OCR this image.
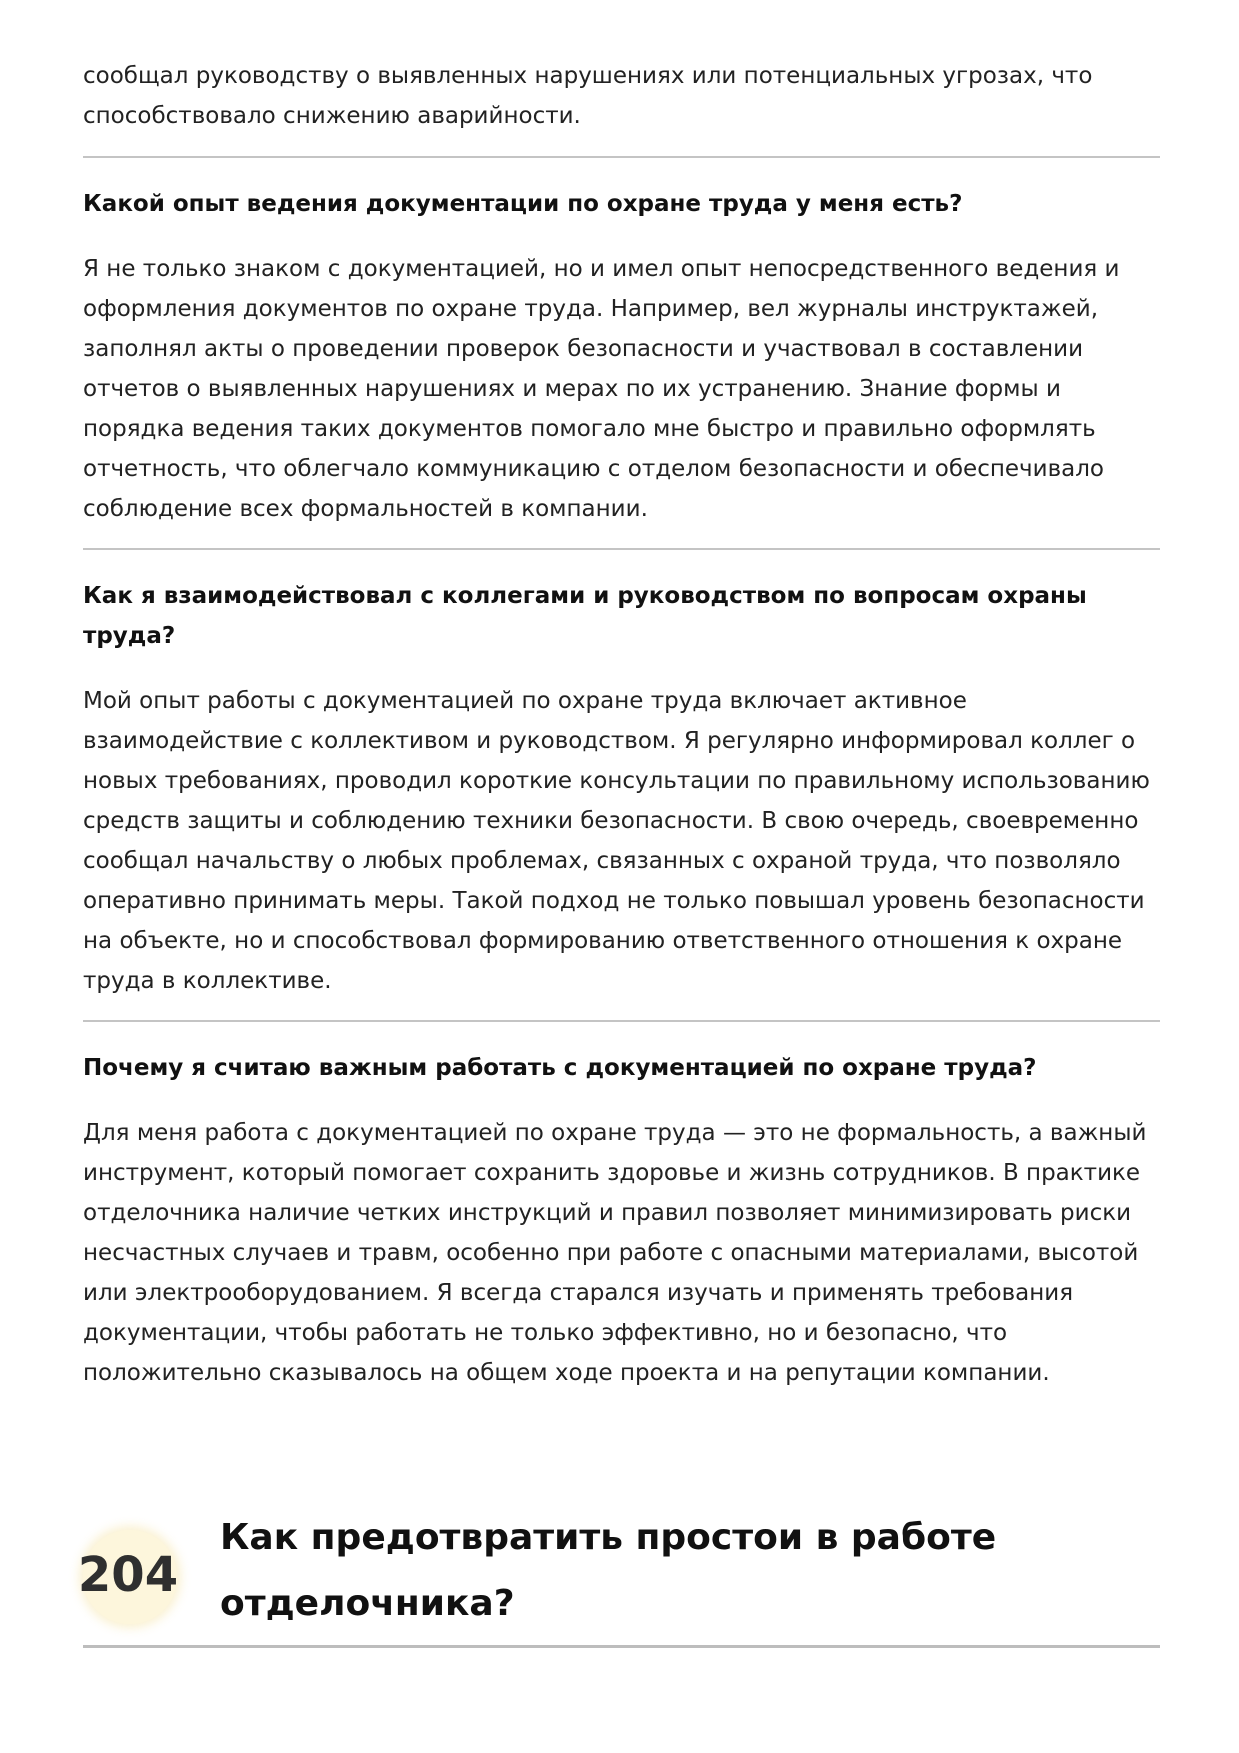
сообщал руководству о выявленных нарушениях или потенциальных угрозах, что способствовало снижению аварийности.

Какой опыт ведения документации по охране труда у меня есть?

Я не только знаком с документацией, но и имел опыт непосредственного ведения и оформления документов по охране труда. Например, вел журналы инструктажей, заполнял акты о проведении проверок безопасности и участвовал в составлении отчетов о выявленных нарушениях и мерах по их устранению. Знание формы и порядка ведения таких документов помогало мне быстро и правильно оформлять отчетность, что облегчало коммуникацию с отделом безопасности и обеспечивало соблюдение всех формальностей в компании.

Как я взаимодействовал с коллегами и руководством по вопросам охраны труда?

Мой опыт работы с документацией по охране труда включает активное взаимодействие с коллективом и руководством. Я регулярно информировал коллег о новых требованиях, проводил короткие консультации по правильному использованию средств защиты и соблюдению техники безопасности. В свою очередь, своевременно сообщал начальству о любых проблемах, связанных с охраной труда, что позволяло оперативно принимать меры. Такой подход не только повышал уровень безопасности на объекте, но и способствовал формированию ответственного отношения к охране труда в коллективе.

Почему я считаю важным работать с документацией по охране труда?

Для меня работа с документацией по охране труда — это не формальность, а важный инструмент, который помогает сохранить здоровье и жизнь сотрудников. В практике отделочника наличие четких инструкций и правил позволяет минимизировать риски несчастных случаев и травм, особенно при работе с опасными материалами, высотой или электрооборудованием. Я всегда старался изучать и применять требования документации, чтобы работать не только эффективно, но и безопасно, что положительно сказывалось на общем ходе проекта и на репутации компании.

204
Как предотвратить простои в работе отделочника?
